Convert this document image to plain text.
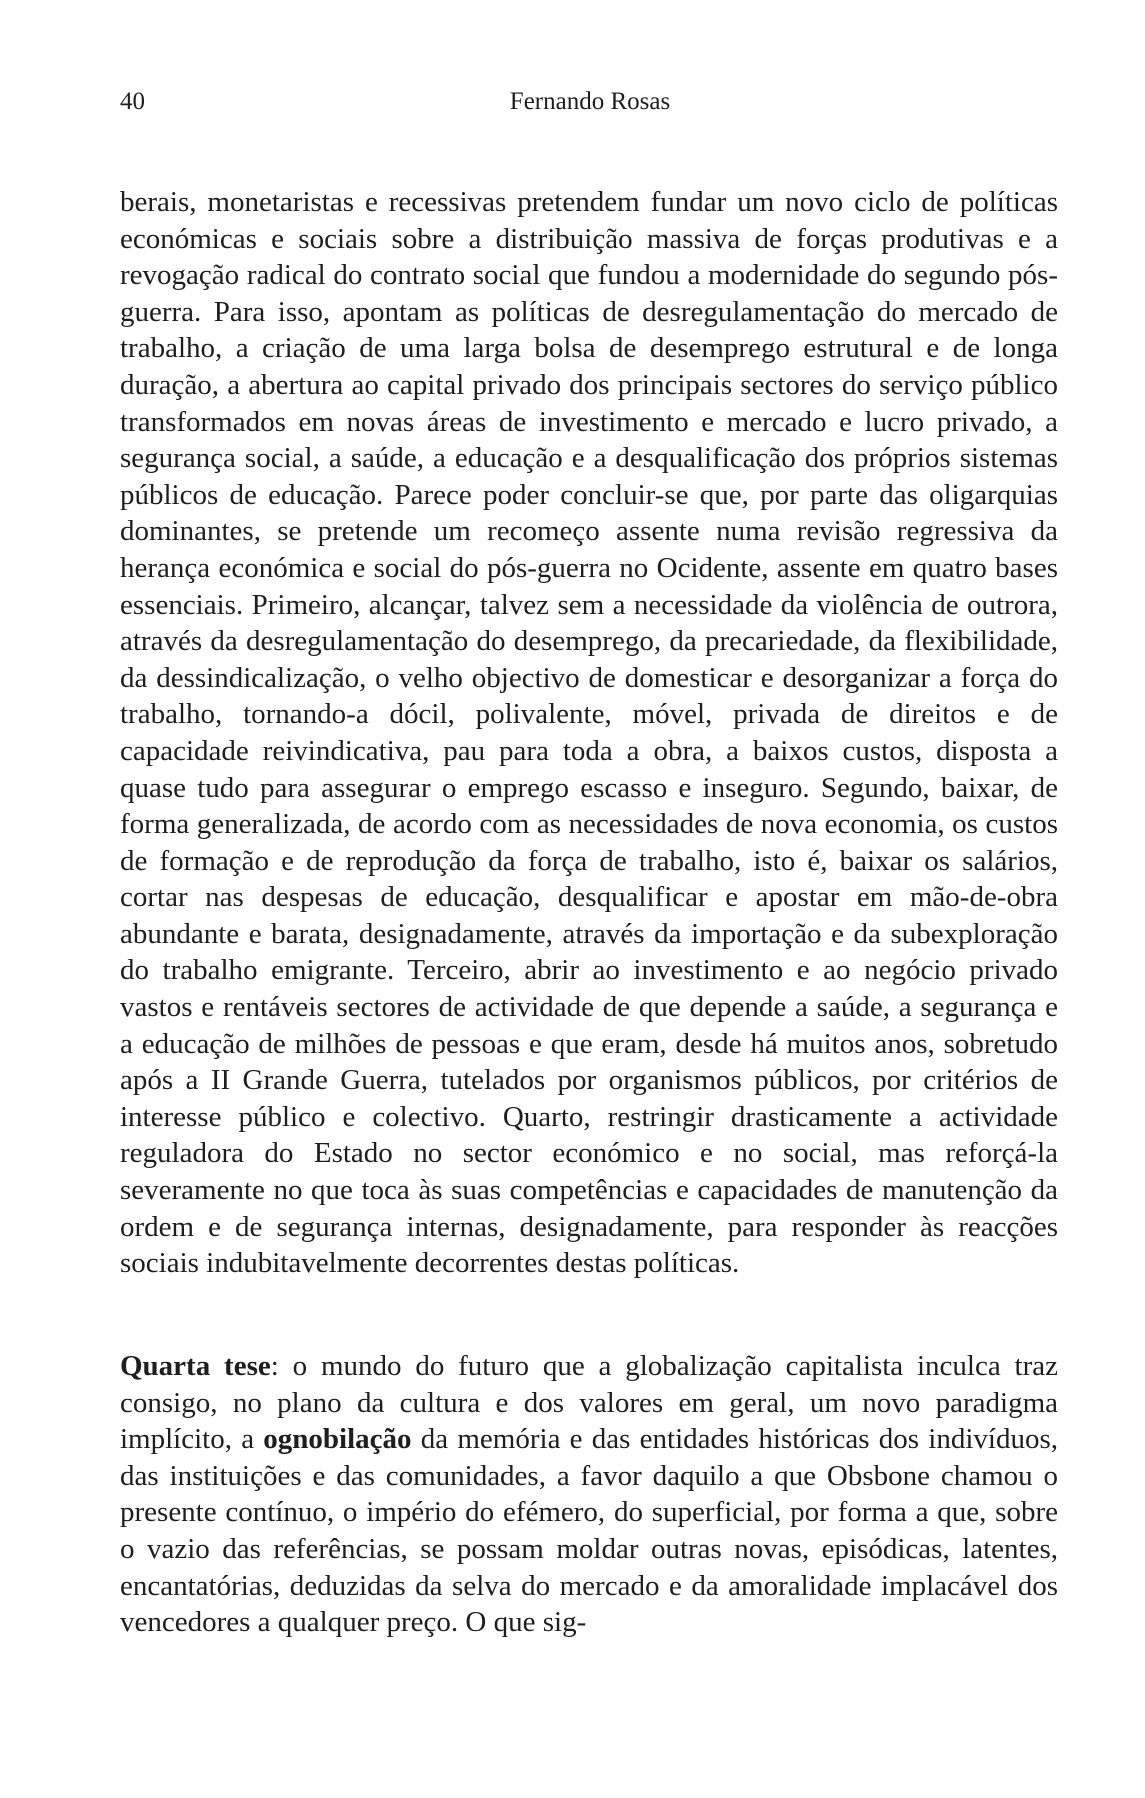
40	Fernando Rosas

berais, monetaristas e recessivas pretendem fundar um novo ciclo de políticas económicas e sociais sobre a distribuição massiva de forças produtivas e a revogação radical do contrato social que fundou a modernidade do segundo pós-guerra. Para isso, apontam as políticas de desregulamentação do mercado de trabalho, a criação de uma larga bolsa de desemprego estrutural e de longa duração, a abertura ao capital privado dos principais sectores do serviço público transformados em novas áreas de investimento e mercado e lucro privado, a segurança social, a saúde, a educação e a desqualificação dos próprios sistemas públicos de educação. Parece poder concluir-se que, por parte das oligarquias dominantes, se pretende um recomeço assente numa revisão regressiva da herança económica e social do pós-guerra no Ocidente, assente em quatro bases essenciais. Primeiro, alcançar, talvez sem a necessidade da violência de outrora, através da desregulamentação do desemprego, da precariedade, da flexibilidade, da dessindicalização, o velho objectivo de domesticar e desorganizar a força do trabalho, tornando-a dócil, polivalente, móvel, privada de direitos e de capacidade reivindicativa, pau para toda a obra, a baixos custos, disposta a quase tudo para assegurar o emprego escasso e inseguro. Segundo, baixar, de forma generalizada, de acordo com as necessidades de nova economia, os custos de formação e de reprodução da força de trabalho, isto é, baixar os salários, cortar nas despesas de educação, desqualificar e apostar em mão-de-obra abundante e barata, designadamente, através da importação e da subexploração do trabalho emigrante. Terceiro, abrir ao investimento e ao negócio privado vastos e rentáveis sectores de actividade de que depende a saúde, a segurança e a educação de milhões de pessoas e que eram, desde há muitos anos, sobretudo após a II Grande Guerra, tutelados por organismos públicos, por critérios de interesse público e colectivo. Quarto, restringir drasticamente a actividade reguladora do Estado no sector económico e no social, mas reforçá-la severamente no que toca às suas competências e capacidades de manutenção da ordem e de segurança internas, designadamente, para responder às reacções sociais indubitavelmente decorrentes destas políticas.

Quarta tese: o mundo do futuro que a globalização capitalista inculca traz consigo, no plano da cultura e dos valores em geral, um novo paradigma implícito, a ognobilação da memória e das entidades históricas dos indivíduos, das instituições e das comunidades, a favor daquilo a que Obsbone chamou o presente contínuo, o império do efémero, do superficial, por forma a que, sobre o vazio das referências, se possam moldar outras novas, episódicas, latentes, encantatórias, deduzidas da selva do mercado e da amoralidade implacável dos vencedores a qualquer preço. O que sig-
